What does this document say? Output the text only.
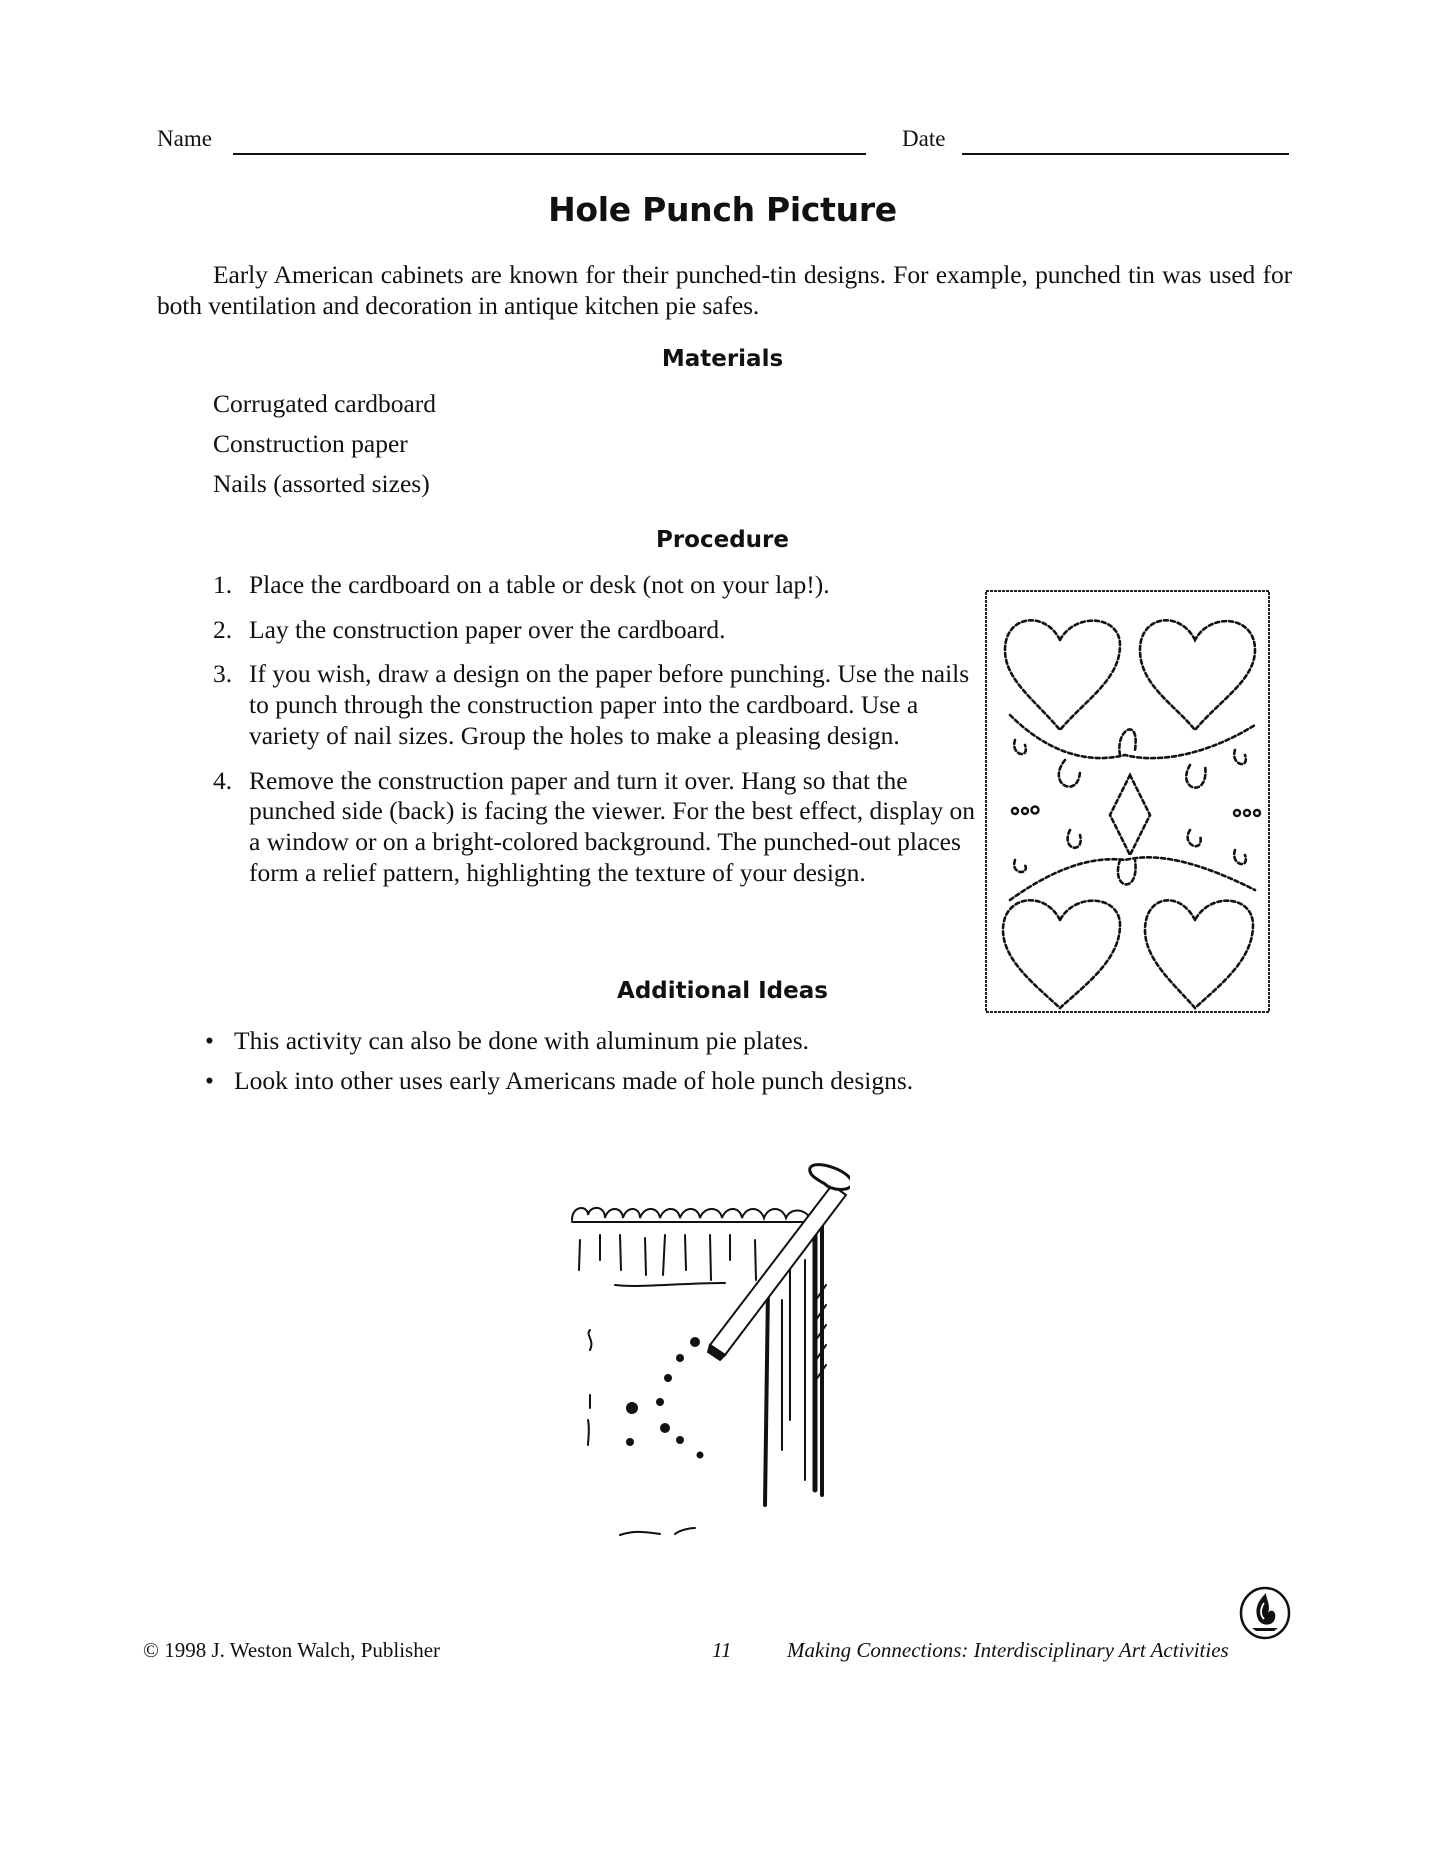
Name	Date
Hole Punch Picture

Early American cabinets are known for their punched-tin designs. For example, punched tin was used for both ventilation and decoration in antique kitchen pie safes.

Materials
Corrugated cardboard
Construction paper
Nails (assorted sizes)
Procedure
1. Place the cardboard on a table or desk (not on your lap!).
2. Lay the construction paper over the cardboard.
3. If you wish, draw a design on the paper before punching. Use the nails to punch through the construction paper into the cardboard. Use a variety of nail sizes. Group the holes to make a pleasing design.
4. Remove the construction paper and turn it over. Hang so that the punched side (back) is facing the viewer. For the best effect, display on a window or on a bright-colored background. The punched-out places form a relief pattern, highlighting the texture of your design.
Additional Ideas
• This activity can also be done with aluminum pie plates.
• Look into other uses early Americans made of hole punch designs.
© 1998 J. Weston Walch, Publisher	11	Making Connections: Interdisciplinary Art Activities
